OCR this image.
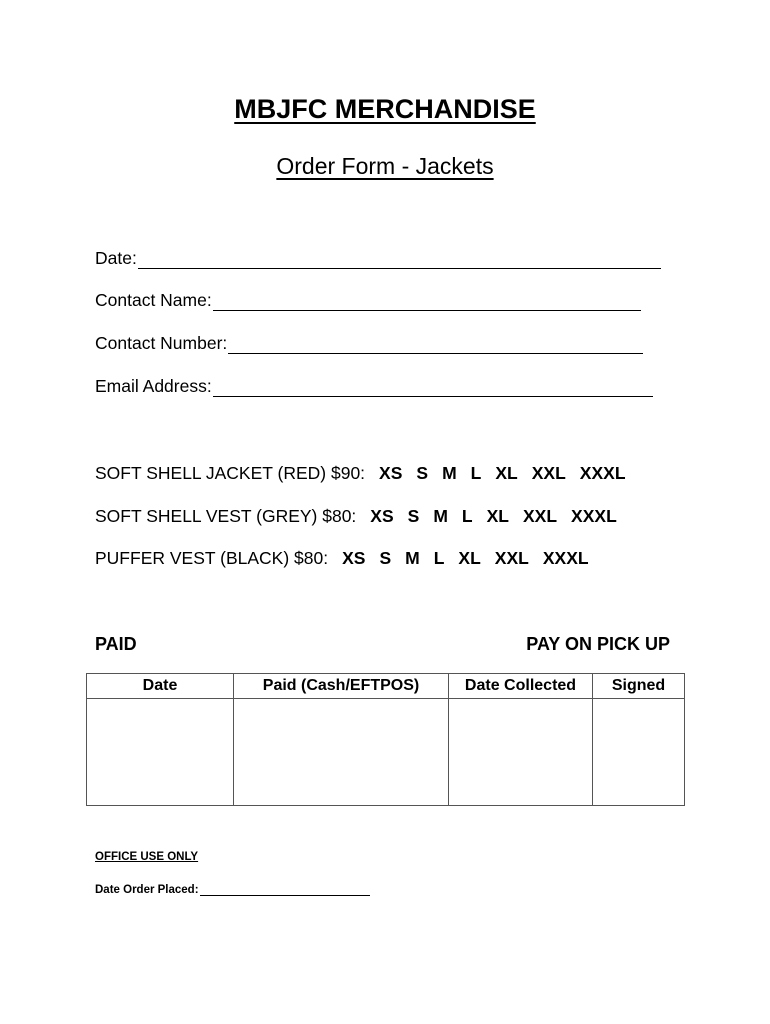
MBJFC MERCHANDISE
Order Form - Jackets
Date:
Contact Name:
Contact Number:
Email Address:
SOFT SHELL JACKET (RED) $90: XS S M L XL XXL XXXL
SOFT SHELL VEST (GREY) $80: XS S M L XL XXL XXXL
PUFFER VEST (BLACK) $80: XS S M L XL XXL XXXL
PAID	PAY ON PICK UP
Date	Paid (Cash/EFTPOS)	Date Collected	Signed

OFFICE USE ONLY
Date Order Placed:
